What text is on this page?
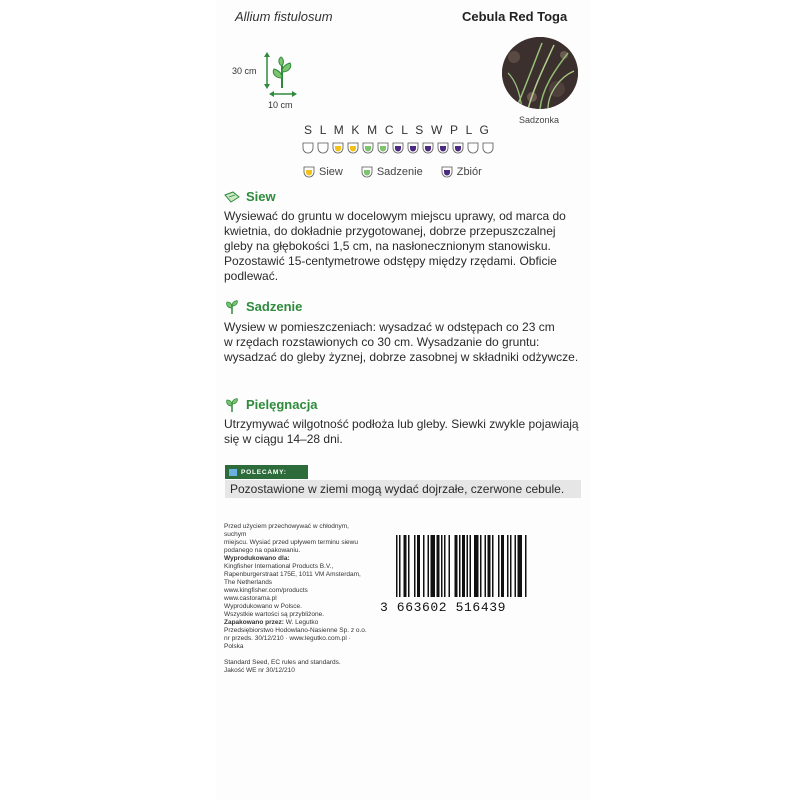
Allium fistulosum	Cebula Red Toga
30 cm
10 cm
Sadzonka
S L M K M C L S W P L G
Siew	Sadzenie	Zbiór
Siew
Wysiewać do gruntu w docelowym miejscu uprawy, od marca do
kwietnia, do dokładnie przygotowanej, dobrze przepuszczalnej
gleby na głębokości 1,5 cm, na nasłonecznionym stanowisku.
Pozostawić 15-centymetrowe odstępy między rzędami. Obficie
podlewać.
Sadzenie
Wysiew w pomieszczeniach: wysadzać w odstępach co 23 cm
w rzędach rozstawionych co 30 cm. Wysadzanie do gruntu:
wysadzać do gleby żyznej, dobrze zasobnej w składniki odżywcze.
Pielęgnacja
Utrzymywać wilgotność podłoża lub gleby. Siewki zwykle pojawiają
się w ciągu 14–28 dni.
POLECAMY:
Pozostawione w ziemi mogą wydać dojrzałe, czerwone cebule.
Przed użyciem przechowywać w chłodnym, suchym
miejscu. Wysiać przed upływem terminu siewu
podanego na opakowaniu.
Wyprodukowano dla:
Kingfisher International Products B.V.,
Rapenburgerstraat 175E, 1011 VM Amsterdam,
The Netherlands
www.kingfisher.com/products
www.castorama.pl
Wyprodukowano w Polsce.
Wszystkie wartości są przybliżone.
Zapakowano przez: W. Legutko
Przedsiębiorstwo Hodowlano-Nasienne Sp. z o.o.
nr przeds. 30/12/210 · www.legutko.com.pl · Polska
Standard Seed, EC rules and standards.
Jakość WE nr 30/12/210
3 663602 516439
